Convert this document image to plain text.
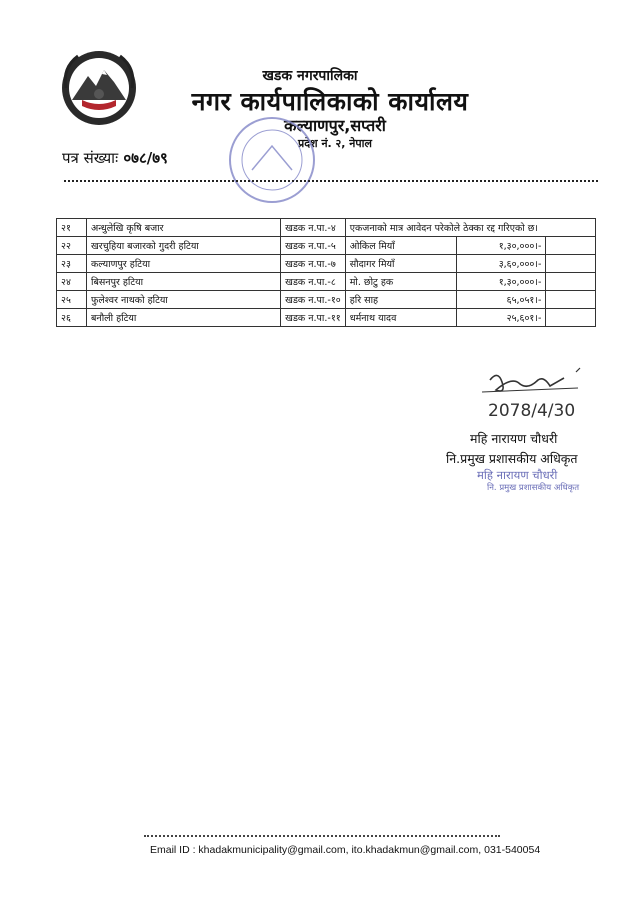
खडक नगरपालिका
नगर कार्यपालिकाको कार्यालय
कल्याणपुर,सप्तरी
प्रदेश नं. २, नेपाल
पत्र संख्याः ०७८/७९
२१	अन्धुलेखि कृषि बजार	खडक न.पा.-४	एकजनाको मात्र आवेदन परेकोले ठेक्का रद्द गरिएको छ।		
२२	खरचुहिया बजारको गुदरी हटिया	खडक न.पा.-५	ओकिल मियाँ	१,३०,०००।-	
२३	कल्याणपुर हटिया	खडक न.पा.-७	सौदागर मियाँ	३,६०,०००।-	
२४	बिसनपुर हटिया	खडक न.पा.-८	मो. छोटु हक	१,३०,०००।-	
२५	फुलेश्वर नाथको हटिया	खडक न.पा.-१०	हरि साह	६५,०५१।-	
२६	बनौली हटिया	खडक न.पा.-११	धर्मनाथ यादव	२५,६०१।-	
2078/4/30
महि नारायण चौधरी
नि.प्रमुख प्रशासकीय अधिकृत
महि नारायण चौधरी
नि. प्रमुख प्रशासकीय अधिकृत
Email ID : khadakmunicipality@gmail.com, ito.khadakmun@gmail.com, 031-540054
